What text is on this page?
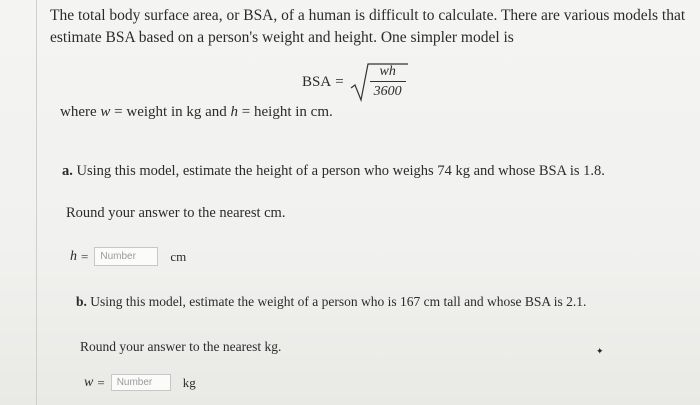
The total body surface area, or BSA, of a human is difficult to calculate. There are various models that
estimate BSA based on a person's weight and height. One simpler model is
BSA =
wh
3600
where w = weight in kg and h = height in cm.
a. Using this model, estimate the height of a person who weighs 74 kg and whose BSA is 1.8.
Round your answer to the nearest cm.
h =
Number	cm
b. Using this model, estimate the weight of a person who is 167 cm tall and whose BSA is 2.1.
Round your answer to the nearest kg.	✦
w =
Number	kg
